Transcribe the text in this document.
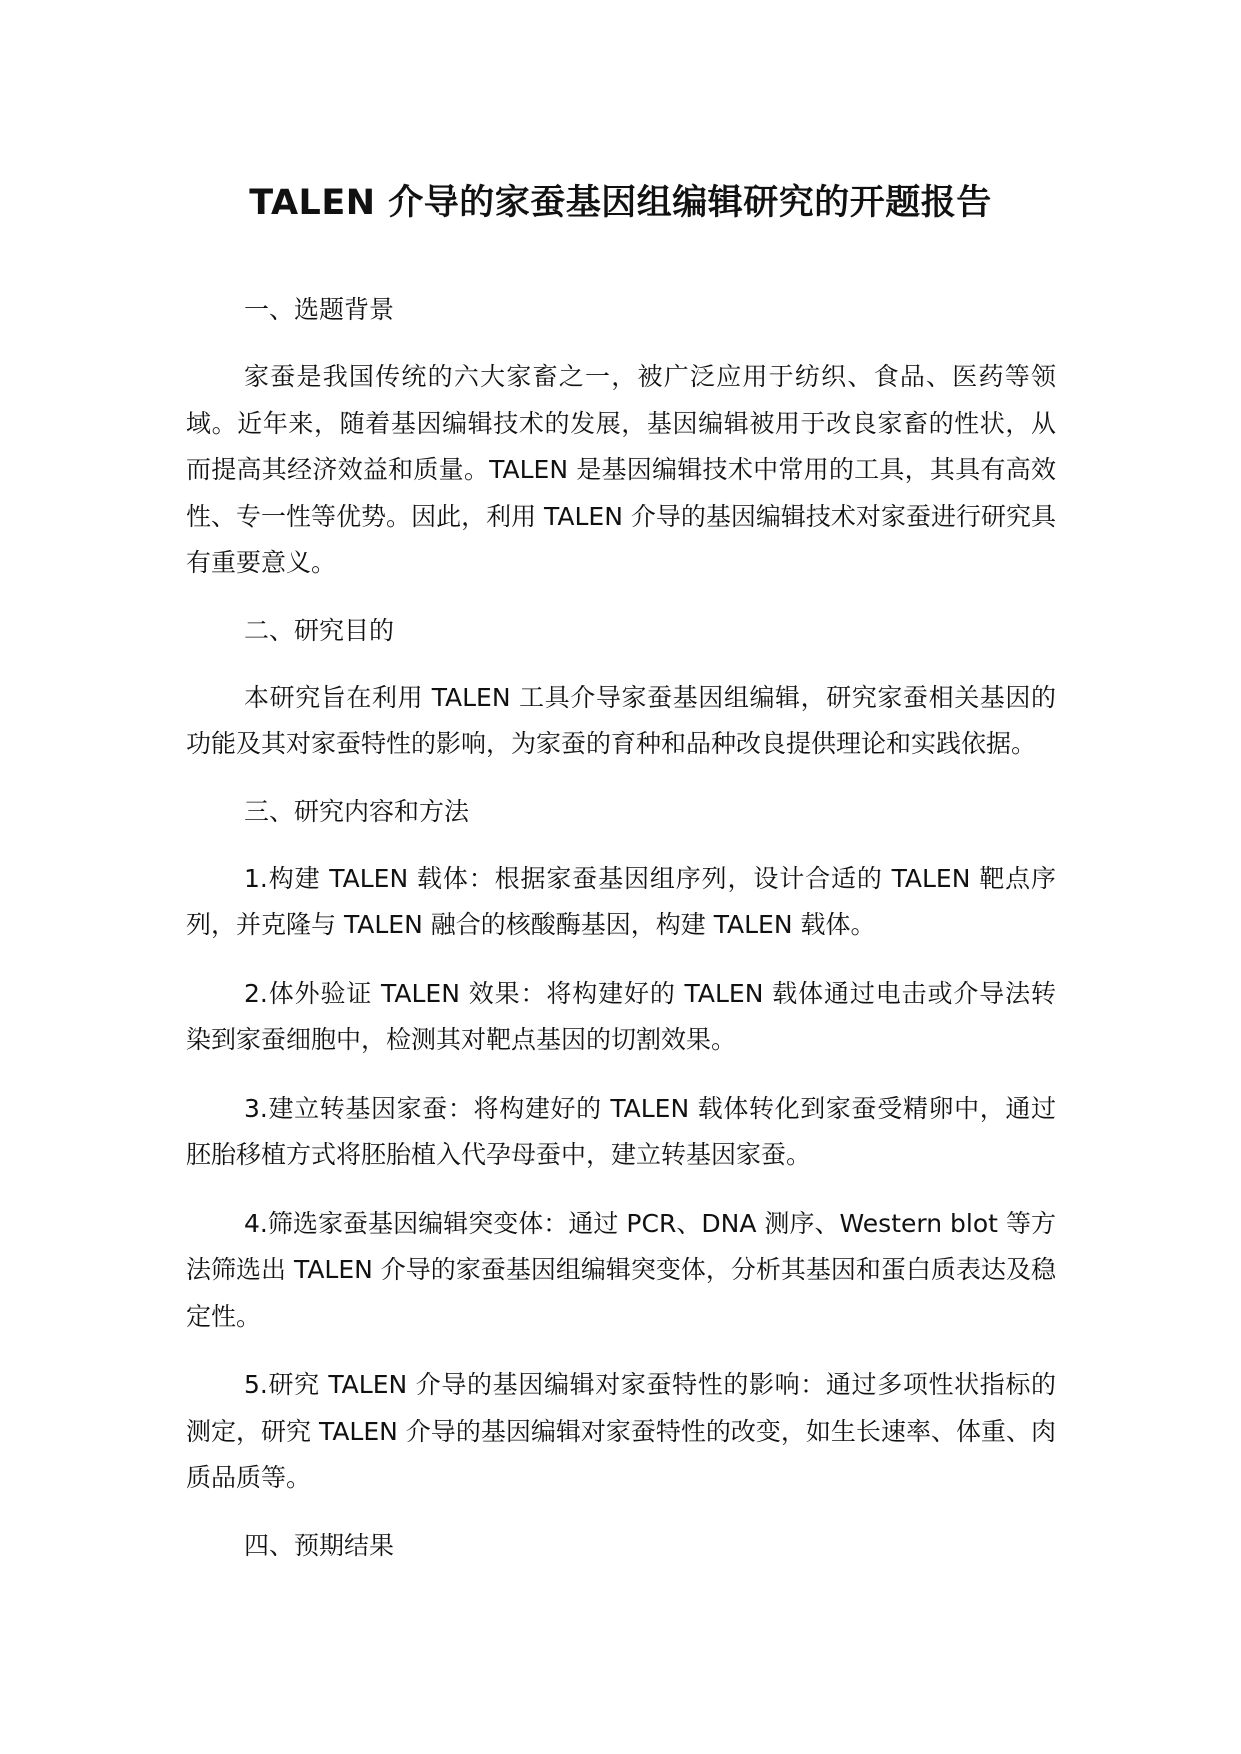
TALEN 介导的家蚕基因组编辑研究的开题报告
一、选题背景

家蚕是我国传统的六大家畜之一，被广泛应用于纺织、食品、医药等领域。近年来，随着基因编辑技术的发展，基因编辑被用于改良家畜的性状，从而提高其经济效益和质量。TALEN 是基因编辑技术中常用的工具，其具有高效性、专一性等优势。因此，利用 TALEN 介导的基因编辑技术对家蚕进行研究具有重要意义。

二、研究目的

本研究旨在利用 TALEN 工具介导家蚕基因组编辑，研究家蚕相关基因的功能及其对家蚕特性的影响，为家蚕的育种和品种改良提供理论和实践依据。

三、研究内容和方法

1.构建 TALEN 载体：根据家蚕基因组序列，设计合适的 TALEN 靶点序列，并克隆与 TALEN 融合的核酸酶基因，构建 TALEN 载体。

2.体外验证 TALEN 效果：将构建好的 TALEN 载体通过电击或介导法转染到家蚕细胞中，检测其对靶点基因的切割效果。

3.建立转基因家蚕：将构建好的 TALEN 载体转化到家蚕受精卵中，通过胚胎移植方式将胚胎植入代孕母蚕中，建立转基因家蚕。

4.筛选家蚕基因编辑突变体：通过 PCR、DNA 测序、Western blot 等方法筛选出 TALEN 介导的家蚕基因组编辑突变体，分析其基因和蛋白质表达及稳定性。

5.研究 TALEN 介导的基因编辑对家蚕特性的影响：通过多项性状指标的测定，研究 TALEN 介导的基因编辑对家蚕特性的改变，如生长速率、体重、肉质品质等。

四、预期结果
